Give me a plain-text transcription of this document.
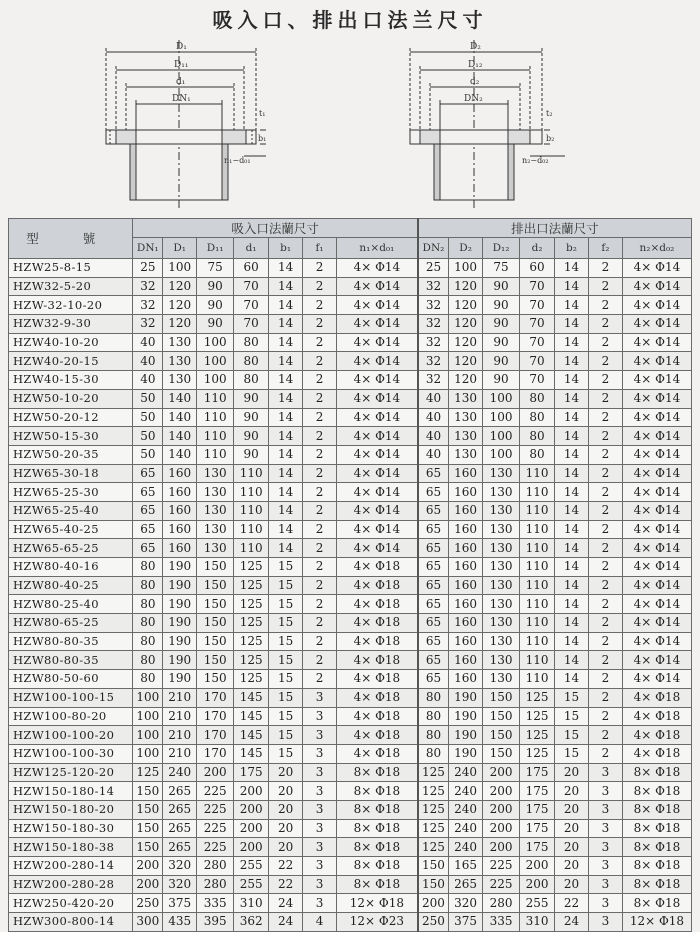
吸入口、排出口法兰尺寸
D₁
D₁₁
d₁
DN₁
t₁
b₁
n₁−d₀₁
D₂
D₁₂
d₂
DN₂
t₂
b₂
n₂−d₀₂
型 號	吸入口法蘭尺寸							排出口法蘭尺寸						
	DN₁	D₁	D₁₁	d₁	b₁	f₁	n₁×d₀₁	DN₂	D₂	D₁₂	d₂	b₂	f₂	n₂×d₀₂
HZW25-8-15	25	100	75	60	14	2	4× Φ14	25	100	75	60	14	2	4× Φ14
HZW32-5-20	32	120	90	70	14	2	4× Φ14	32	120	90	70	14	2	4× Φ14
HZW-32-10-20	32	120	90	70	14	2	4× Φ14	32	120	90	70	14	2	4× Φ14
HZW32-9-30	32	120	90	70	14	2	4× Φ14	32	120	90	70	14	2	4× Φ14
HZW40-10-20	40	130	100	80	14	2	4× Φ14	32	120	90	70	14	2	4× Φ14
HZW40-20-15	40	130	100	80	14	2	4× Φ14	32	120	90	70	14	2	4× Φ14
HZW40-15-30	40	130	100	80	14	2	4× Φ14	32	120	90	70	14	2	4× Φ14
HZW50-10-20	50	140	110	90	14	2	4× Φ14	40	130	100	80	14	2	4× Φ14
HZW50-20-12	50	140	110	90	14	2	4× Φ14	40	130	100	80	14	2	4× Φ14
HZW50-15-30	50	140	110	90	14	2	4× Φ14	40	130	100	80	14	2	4× Φ14
HZW50-20-35	50	140	110	90	14	2	4× Φ14	40	130	100	80	14	2	4× Φ14
HZW65-30-18	65	160	130	110	14	2	4× Φ14	65	160	130	110	14	2	4× Φ14
HZW65-25-30	65	160	130	110	14	2	4× Φ14	65	160	130	110	14	2	4× Φ14
HZW65-25-40	65	160	130	110	14	2	4× Φ14	65	160	130	110	14	2	4× Φ14
HZW65-40-25	65	160	130	110	14	2	4× Φ14	65	160	130	110	14	2	4× Φ14
HZW65-65-25	65	160	130	110	14	2	4× Φ14	65	160	130	110	14	2	4× Φ14
HZW80-40-16	80	190	150	125	15	2	4× Φ18	65	160	130	110	14	2	4× Φ14
HZW80-40-25	80	190	150	125	15	2	4× Φ18	65	160	130	110	14	2	4× Φ14
HZW80-25-40	80	190	150	125	15	2	4× Φ18	65	160	130	110	14	2	4× Φ14
HZW80-65-25	80	190	150	125	15	2	4× Φ18	65	160	130	110	14	2	4× Φ14
HZW80-80-35	80	190	150	125	15	2	4× Φ18	65	160	130	110	14	2	4× Φ14
HZW80-80-35	80	190	150	125	15	2	4× Φ18	65	160	130	110	14	2	4× Φ14
HZW80-50-60	80	190	150	125	15	2	4× Φ18	65	160	130	110	14	2	4× Φ14
HZW100-100-15	100	210	170	145	15	3	4× Φ18	80	190	150	125	15	2	4× Φ18
HZW100-80-20	100	210	170	145	15	3	4× Φ18	80	190	150	125	15	2	4× Φ18
HZW100-100-20	100	210	170	145	15	3	4× Φ18	80	190	150	125	15	2	4× Φ18
HZW100-100-30	100	210	170	145	15	3	4× Φ18	80	190	150	125	15	2	4× Φ18
HZW125-120-20	125	240	200	175	20	3	8× Φ18	125	240	200	175	20	3	8× Φ18
HZW150-180-14	150	265	225	200	20	3	8× Φ18	125	240	200	175	20	3	8× Φ18
HZW150-180-20	150	265	225	200	20	3	8× Φ18	125	240	200	175	20	3	8× Φ18
HZW150-180-30	150	265	225	200	20	3	8× Φ18	125	240	200	175	20	3	8× Φ18
HZW150-180-38	150	265	225	200	20	3	8× Φ18	125	240	200	175	20	3	8× Φ18
HZW200-280-14	200	320	280	255	22	3	8× Φ18	150	165	225	200	20	3	8× Φ18
HZW200-280-28	200	320	280	255	22	3	8× Φ18	150	265	225	200	20	3	8× Φ18
HZW250-420-20	250	375	335	310	24	3	12× Φ18	200	320	280	255	22	3	8× Φ18
HZW300-800-14	300	435	395	362	24	4	12× Φ23	250	375	335	310	24	3	12× Φ18
